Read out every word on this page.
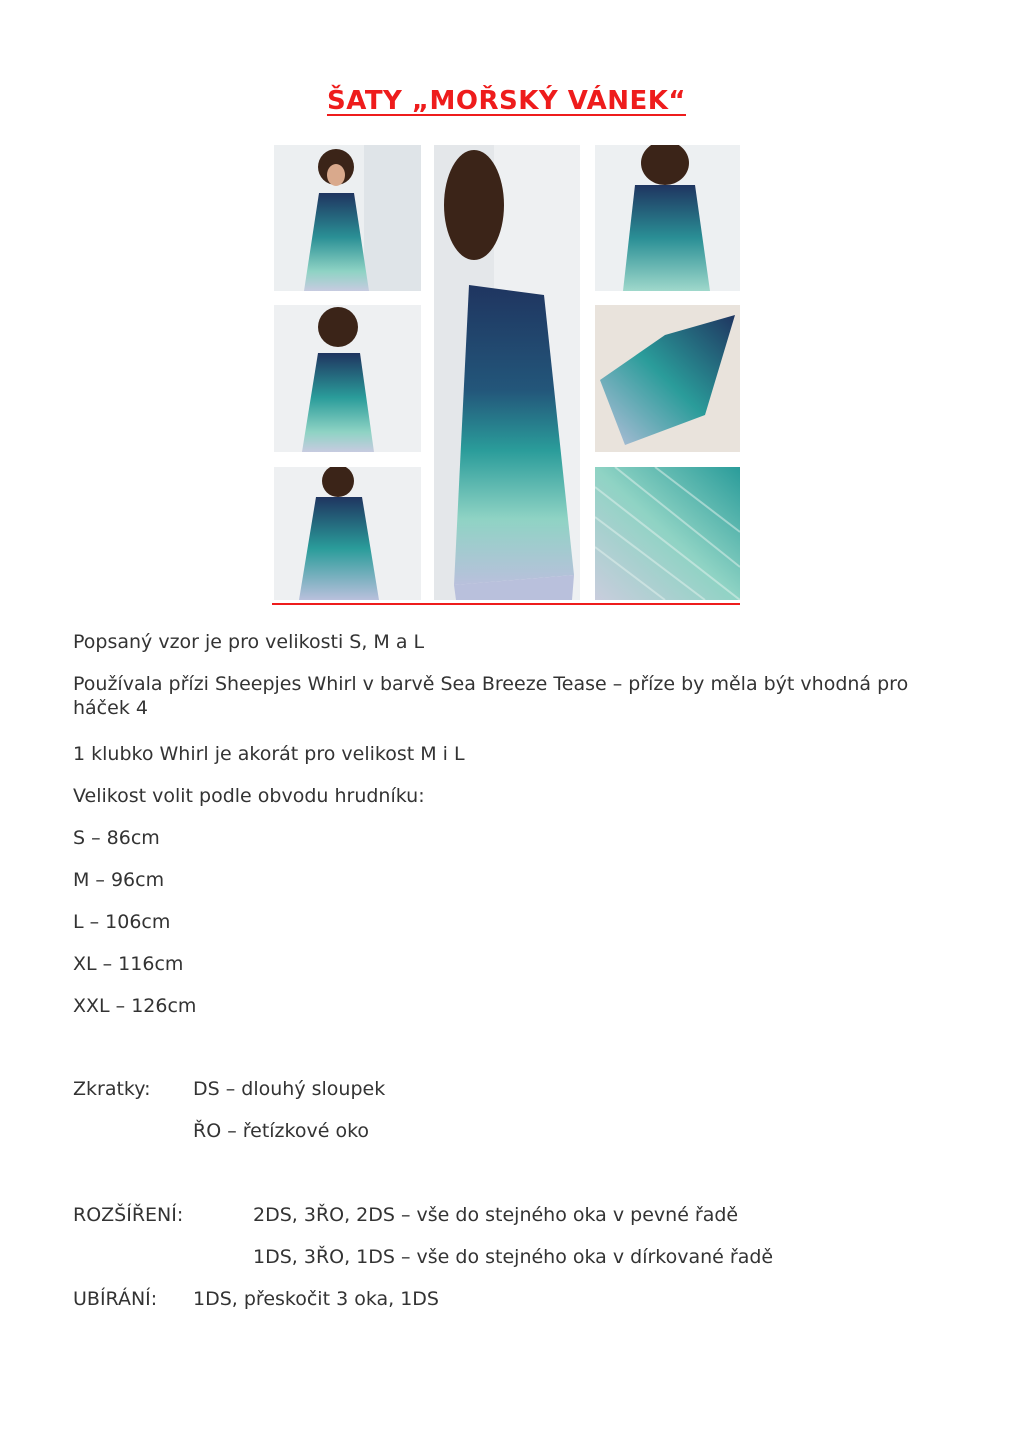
ŠATY „MOŘSKÝ VÁNEK“
Popsaný vzor je pro velikosti S, M a L
Používala přízi Sheepjes Whirl v barvě Sea Breeze Tease – příze by měla být vhodná pro háček 4
1 klubko Whirl je akorát pro velikost M i L
Velikost volit podle obvodu hrudníku:
S – 86cm
M – 96cm
L – 106cm
XL – 116cm
XXL – 126cm
Zkratky: DS – dlouhý sloupek
ŘO – řetízkové oko
ROZŠÍŘENÍ:	2DS, 3ŘO, 2DS – vše do stejného oka v pevné řadě
1DS, 3ŘO, 1DS – vše do stejného oka v dírkované řadě
UBÍRÁNÍ: 1DS, přeskočit 3 oka, 1DS
